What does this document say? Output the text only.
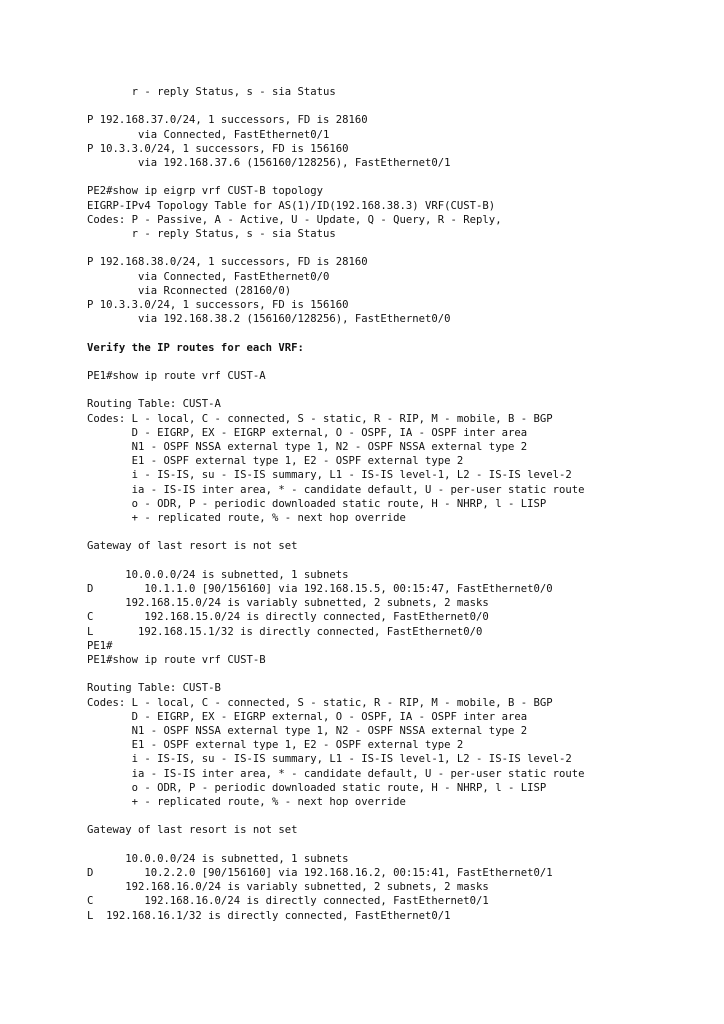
r - reply Status, s - sia Status
P 192.168.37.0/24, 1 successors, FD is 28160
via Connected, FastEthernet0/1
P 10.3.3.0/24, 1 successors, FD is 156160
via 192.168.37.6 (156160/128256), FastEthernet0/1
PE2#show ip eigrp vrf CUST-B topology
EIGRP-IPv4 Topology Table for AS(1)/ID(192.168.38.3) VRF(CUST-B)
Codes: P - Passive, A - Active, U - Update, Q - Query, R - Reply,
r - reply Status, s - sia Status
P 192.168.38.0/24, 1 successors, FD is 28160
via Connected, FastEthernet0/0
via Rconnected (28160/0)
P 10.3.3.0/24, 1 successors, FD is 156160
via 192.168.38.2 (156160/128256), FastEthernet0/0
Verify the IP routes for each VRF:
PE1#show ip route vrf CUST-A
Routing Table: CUST-A
Codes: L - local, C - connected, S - static, R - RIP, M - mobile, B - BGP
D - EIGRP, EX - EIGRP external, O - OSPF, IA - OSPF inter area
N1 - OSPF NSSA external type 1, N2 - OSPF NSSA external type 2
E1 - OSPF external type 1, E2 - OSPF external type 2
i - IS-IS, su - IS-IS summary, L1 - IS-IS level-1, L2 - IS-IS level-2
ia - IS-IS inter area, * - candidate default, U - per-user static route
o - ODR, P - periodic downloaded static route, H - NHRP, l - LISP
+ - replicated route, % - next hop override
Gateway of last resort is not set
10.0.0.0/24 is subnetted, 1 subnets
D        10.1.1.0 [90/156160] via 192.168.15.5, 00:15:47, FastEthernet0/0
192.168.15.0/24 is variably subnetted, 2 subnets, 2 masks
C        192.168.15.0/24 is directly connected, FastEthernet0/0
L       192.168.15.1/32 is directly connected, FastEthernet0/0
PE1#
PE1#show ip route vrf CUST-B
Routing Table: CUST-B
Codes: L - local, C - connected, S - static, R - RIP, M - mobile, B - BGP
D - EIGRP, EX - EIGRP external, O - OSPF, IA - OSPF inter area
N1 - OSPF NSSA external type 1, N2 - OSPF NSSA external type 2
E1 - OSPF external type 1, E2 - OSPF external type 2
i - IS-IS, su - IS-IS summary, L1 - IS-IS level-1, L2 - IS-IS level-2
ia - IS-IS inter area, * - candidate default, U - per-user static route
o - ODR, P - periodic downloaded static route, H - NHRP, l - LISP
+ - replicated route, % - next hop override
Gateway of last resort is not set
10.0.0.0/24 is subnetted, 1 subnets
D        10.2.2.0 [90/156160] via 192.168.16.2, 00:15:41, FastEthernet0/1
192.168.16.0/24 is variably subnetted, 2 subnets, 2 masks
C        192.168.16.0/24 is directly connected, FastEthernet0/1
L  192.168.16.1/32 is directly connected, FastEthernet0/1
